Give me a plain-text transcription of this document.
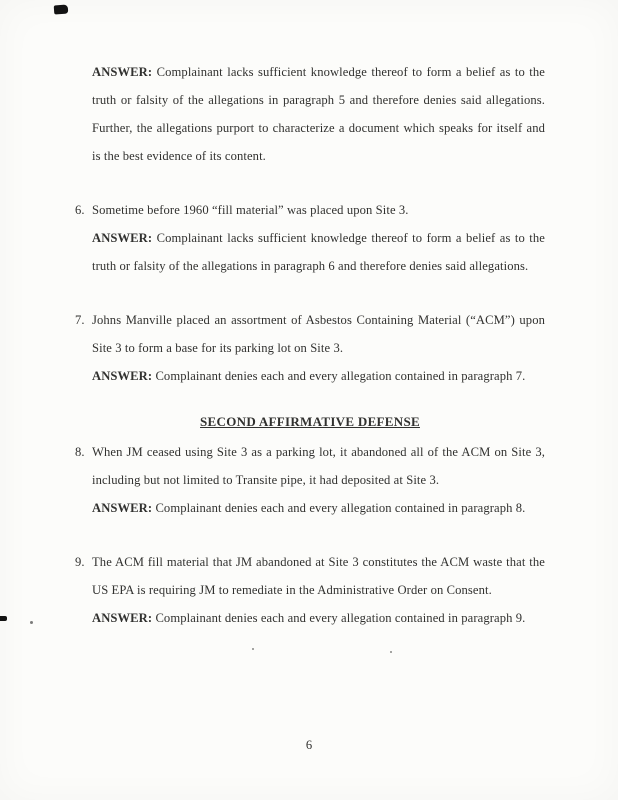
ANSWER: Complainant lacks sufficient knowledge thereof to form a belief as to the truth or falsity of the allegations in paragraph 5 and therefore denies said allegations. Further, the allegations purport to characterize a document which speaks for itself and is the best evidence of its content.

6. Sometime before 1960 “fill material” was placed upon Site 3.

ANSWER: Complainant lacks sufficient knowledge thereof to form a belief as to the truth or falsity of the allegations in paragraph 6 and therefore denies said allegations.

7. Johns Manville placed an assortment of Asbestos Containing Material (“ACM”) upon Site 3 to form a base for its parking lot on Site 3.

ANSWER: Complainant denies each and every allegation contained in paragraph 7.

SECOND AFFIRMATIVE DEFENSE
8. When JM ceased using Site 3 as a parking lot, it abandoned all of the ACM on Site 3, including but not limited to Transite pipe, it had deposited at Site 3.

ANSWER: Complainant denies each and every allegation contained in paragraph 8.

9. The ACM fill material that JM abandoned at Site 3 constitutes the ACM waste that the US EPA is requiring JM to remediate in the Administrative Order on Consent.

ANSWER: Complainant denies each and every allegation contained in paragraph 9.

6
